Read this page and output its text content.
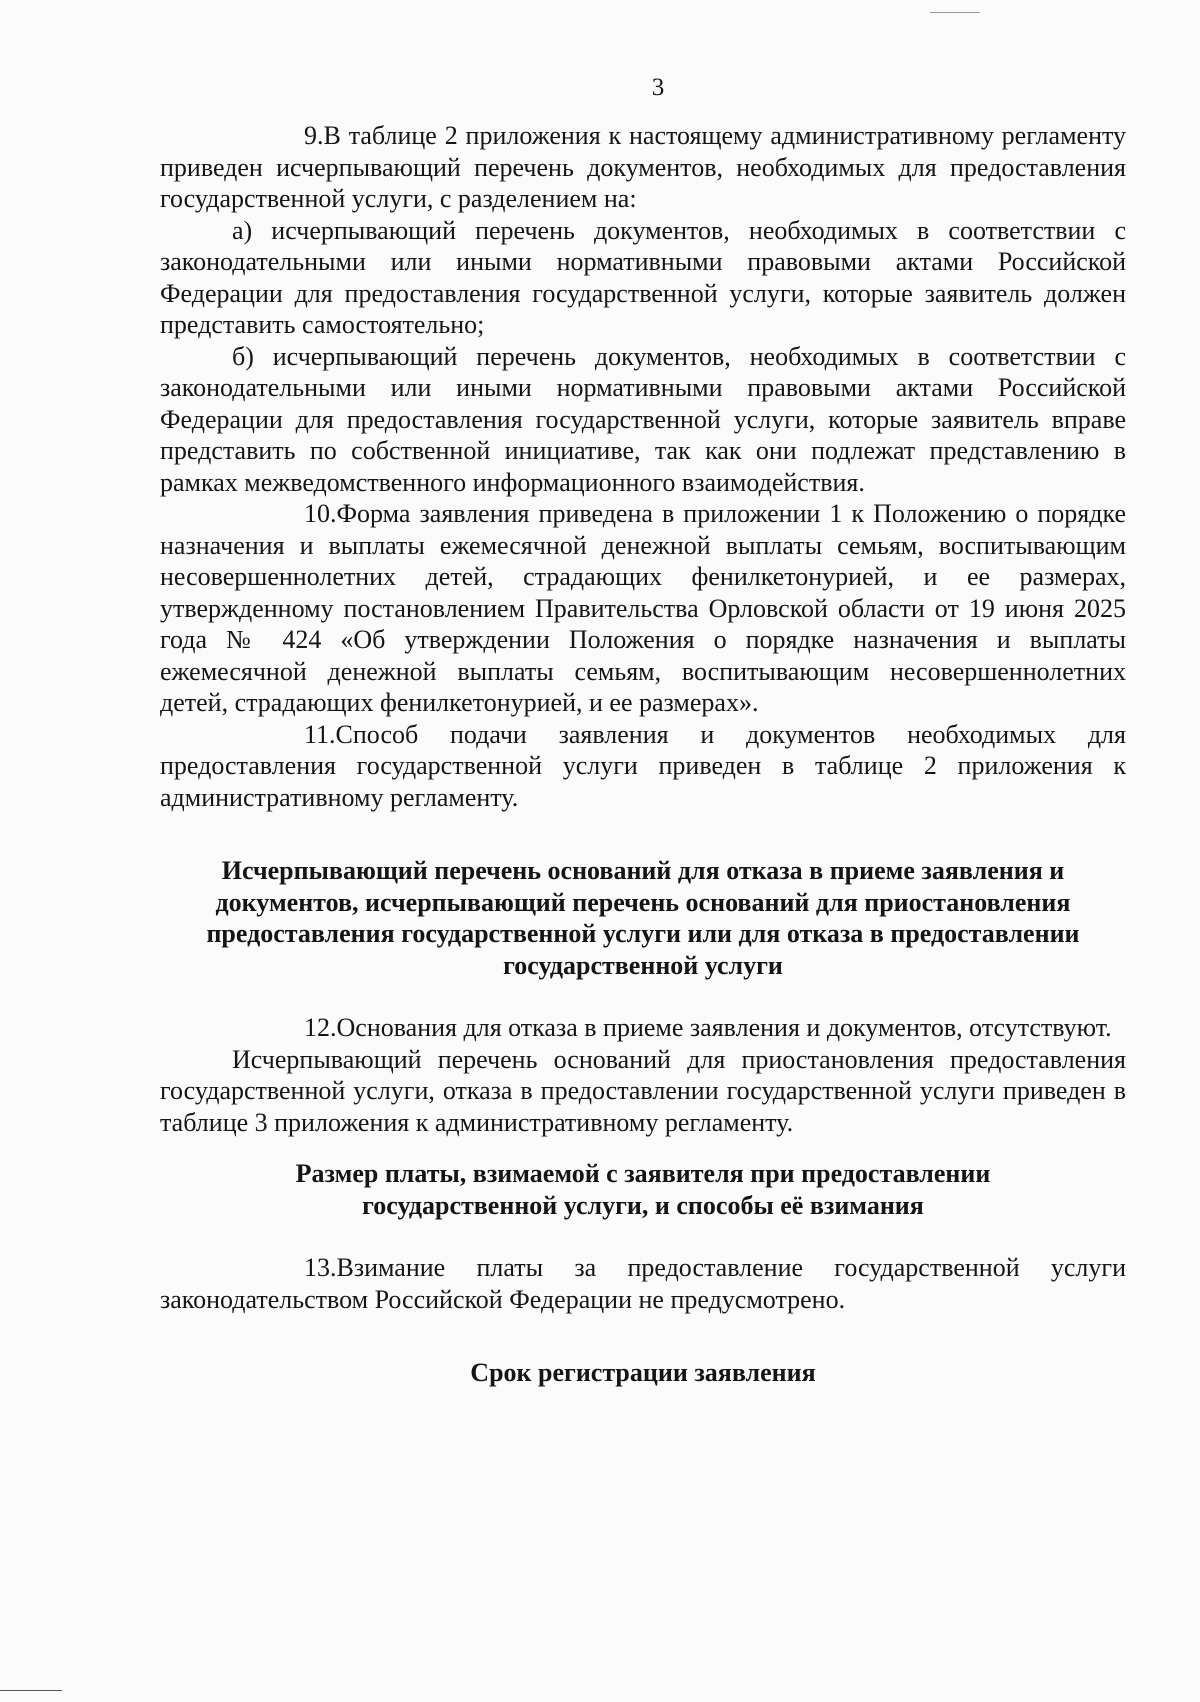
3

9.В таблице 2 приложения к настоящему административному регламенту приведен исчерпывающий перечень документов, необходимых для предоставления государственной услуги, с разделением на:

а) исчерпывающий перечень документов, необходимых в соответствии с законодательными или иными нормативными правовыми актами Российской Федерации для предоставления государственной услуги, которые заявитель должен представить самостоятельно;

б) исчерпывающий перечень документов, необходимых в соответствии с законодательными или иными нормативными правовыми актами Российской Федерации для предоставления государственной услуги, которые заявитель вправе представить по собственной инициативе, так как они подлежат представлению в рамках межведомственного информационного взаимодействия.

10.Форма заявления приведена в приложении 1 к Положению о порядке назначения и выплаты ежемесячной денежной выплаты семьям, воспитывающим несовершеннолетних детей, страдающих фенилкетонурией, и ее размерах, утвержденному постановлением Правительства Орловской области от 19 июня 2025 года № 424 «Об утверждении Положения о порядке назначения и выплаты ежемесячной денежной выплаты семьям, воспитывающим несовершеннолетних детей, страдающих фенилкетонурией, и ее размерах».

11.Способ подачи заявления и документов необходимых для предоставления государственной услуги приведен в таблице 2 приложения к административному регламенту.

Исчерпывающий перечень оснований для отказа в приеме заявления и документов, исчерпывающий перечень оснований для приостановления предоставления государственной услуги или для отказа в предоставлении государственной услуги

12.Основания для отказа в приеме заявления и документов, отсутствуют.

Исчерпывающий перечень оснований для приостановления предоставления государственной услуги, отказа в предоставлении государственной услуги приведен в таблице 3 приложения к административному регламенту.

Размер платы, взимаемой с заявителя при предоставлении государственной услуги, и способы её взимания

13.Взимание платы за предоставление государственной услуги законодательством Российской Федерации не предусмотрено.

Срок регистрации заявления
